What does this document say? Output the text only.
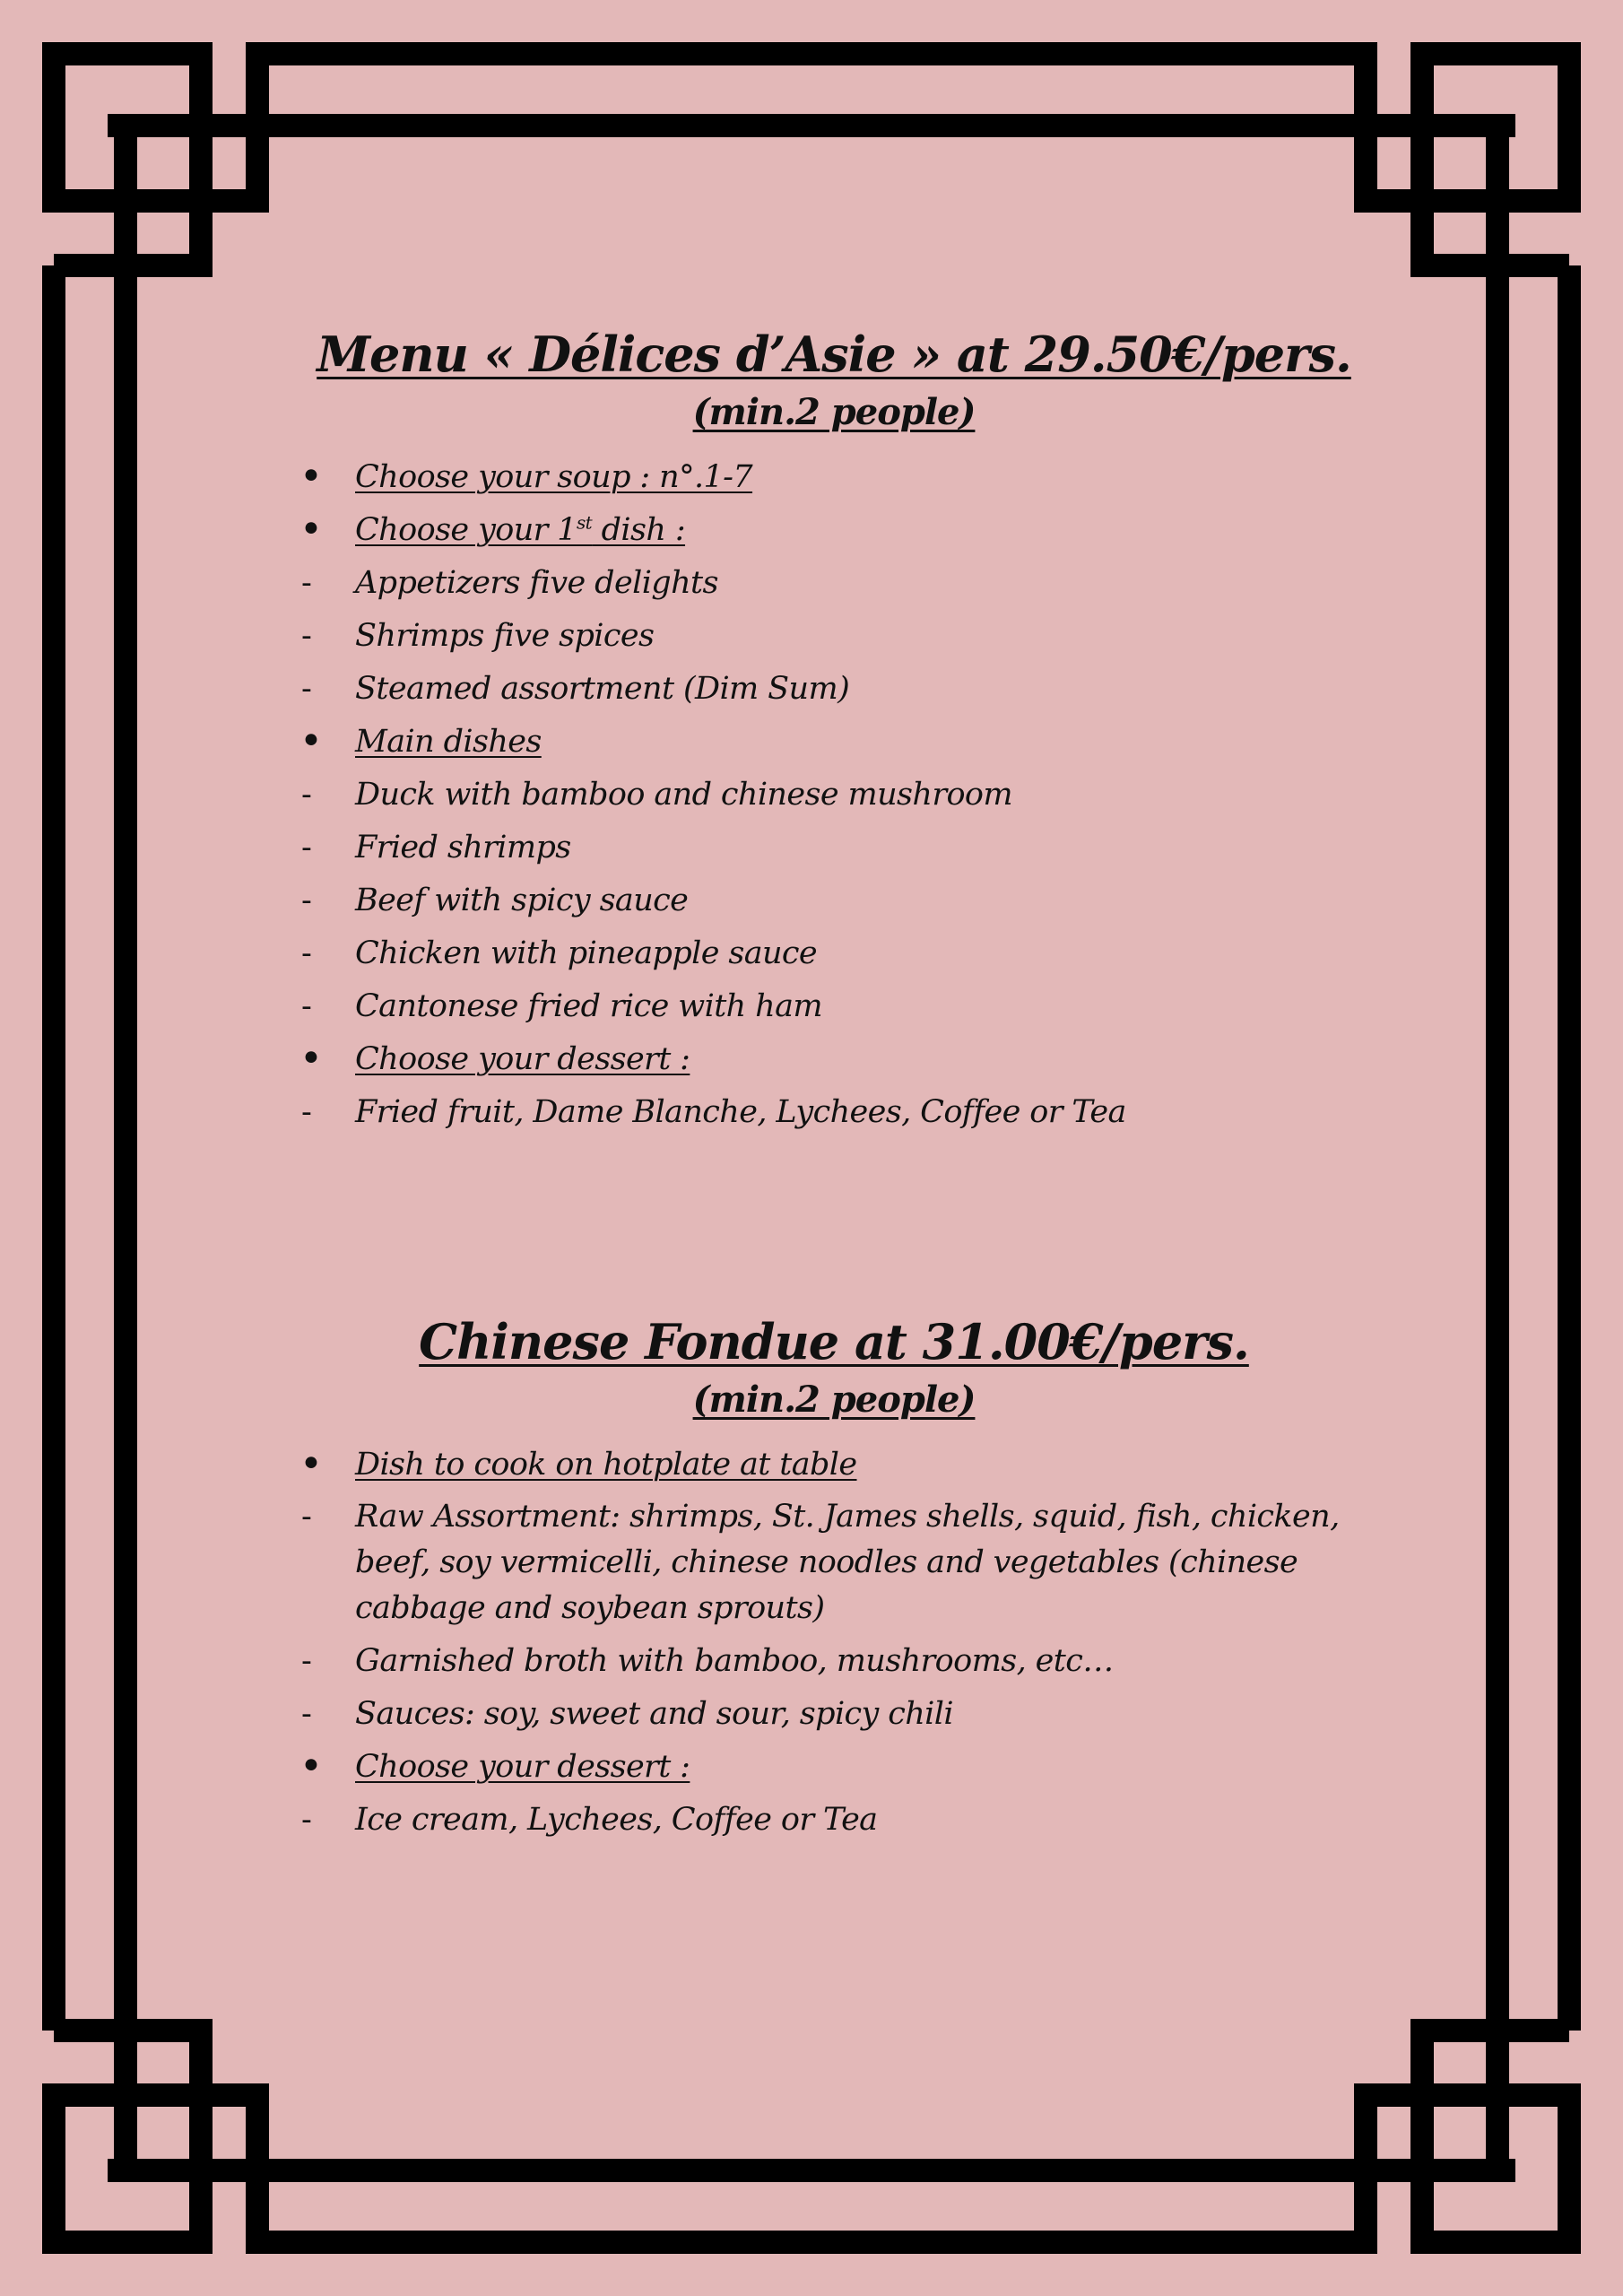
Menu « Délices d’Asie » at 29.50€/pers.
(min.2 people)
• Choose your soup : n°.1-7
• Choose your 1st dish :
-	Appetizers five delights
-	Shrimps five spices
-	Steamed assortment (Dim Sum)
• Main dishes
-	Duck with bamboo and chinese mushroom
-	Fried shrimps
-	Beef with spicy sauce
-	Chicken with pineapple sauce
-	Cantonese fried rice with ham
• Choose your dessert :
-	Fried fruit, Dame Blanche, Lychees, Coffee or Tea
Chinese Fondue at 31.00€/pers.
(min.2 people)
• Dish to cook on hotplate at table
-	Raw Assortment: shrimps, St. James shells, squid, fish, chicken, beef, soy vermicelli, chinese noodles and vegetables (chinese cabbage and soybean sprouts)
-	Garnished broth with bamboo, mushrooms, etc…
-	Sauces: soy, sweet and sour, spicy chili
• Choose your dessert :
-	Ice cream, Lychees, Coffee or Tea
